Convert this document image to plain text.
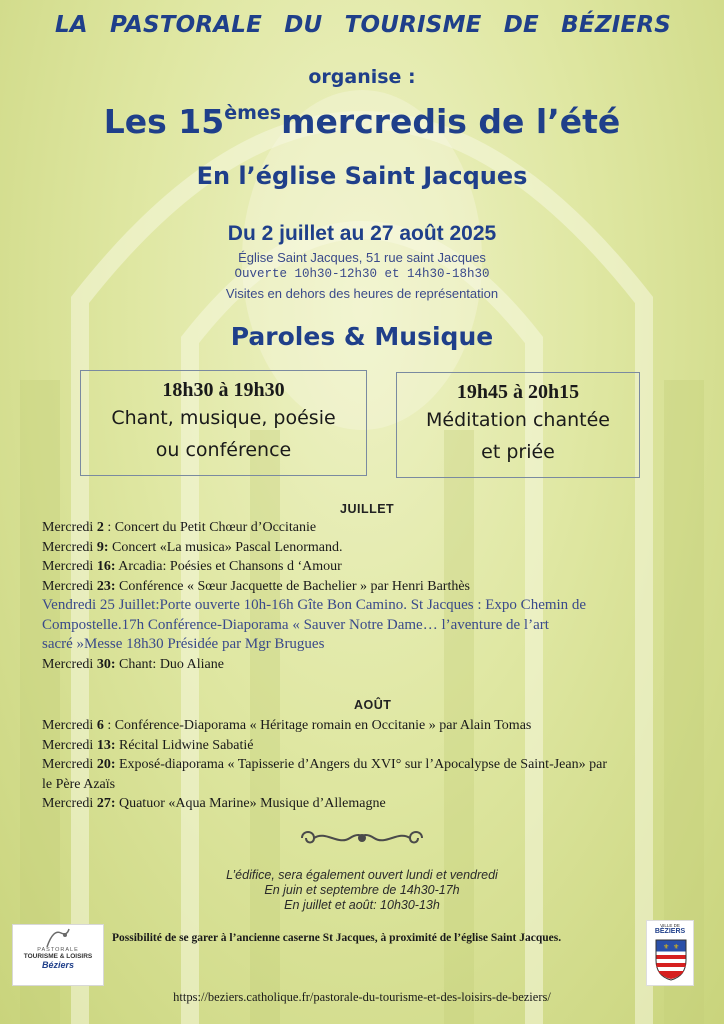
LA PASTORALE DU TOURISME DE BÉZIERS
organise :
Les 15èmesmercredis de l’été
En l’église Saint Jacques
Du 2 juillet au 27 août 2025
Église Saint Jacques, 51 rue saint Jacques
Ouverte 10h30-12h30 et 14h30-18h30
Visites en dehors des heures de représentation
Paroles & Musique
18h30 à 19h30
Chant, musique, poésie
ou conférence
19h45 à 20h15
Méditation chantée
et priée
JUILLET
Mercredi 2 : Concert du Petit Chœur d’Occitanie
Mercredi 9: Concert «La musica» Pascal Lenormand.
Mercredi 16: Arcadia: Poésies et Chansons d ‘Amour
Mercredi 23: Conférence « Sœur Jacquette de Bachelier » par Henri Barthès
Vendredi 25 Juillet:Porte ouverte 10h-16h Gîte Bon Camino. St Jacques : Expo Chemin de
Compostelle.17h Conférence-Diaporama « Sauver Notre Dame… l’aventure de l’art
sacré »Messe 18h30 Présidée par Mgr Brugues
Mercredi 30: Chant: Duo Aliane
AOÛT
Mercredi 6 : Conférence-Diaporama « Héritage romain en Occitanie » par Alain Tomas
Mercredi 13: Récital Lidwine Sabatié
Mercredi 20: Exposé-diaporama « Tapisserie d’Angers du XVI° sur l’Apocalypse de Saint-Jean» par
le Père Azaïs
Mercredi 27: Quatuor «Aqua Marine» Musique d’Allemagne
L’édifice, sera également ouvert lundi et vendredi
En juin et septembre de 14h30-17h
En juillet et août: 10h30-13h
PASTORALE
TOURISME & LOISIRS
Béziers
Possibilité de se garer à l’ancienne caserne St Jacques, à proximité de l’église Saint Jacques.
VILLE DE
BÉZIERS
⚜ ⚜
https://beziers.catholique.fr/pastorale-du-tourisme-et-des-loisirs-de-beziers/
